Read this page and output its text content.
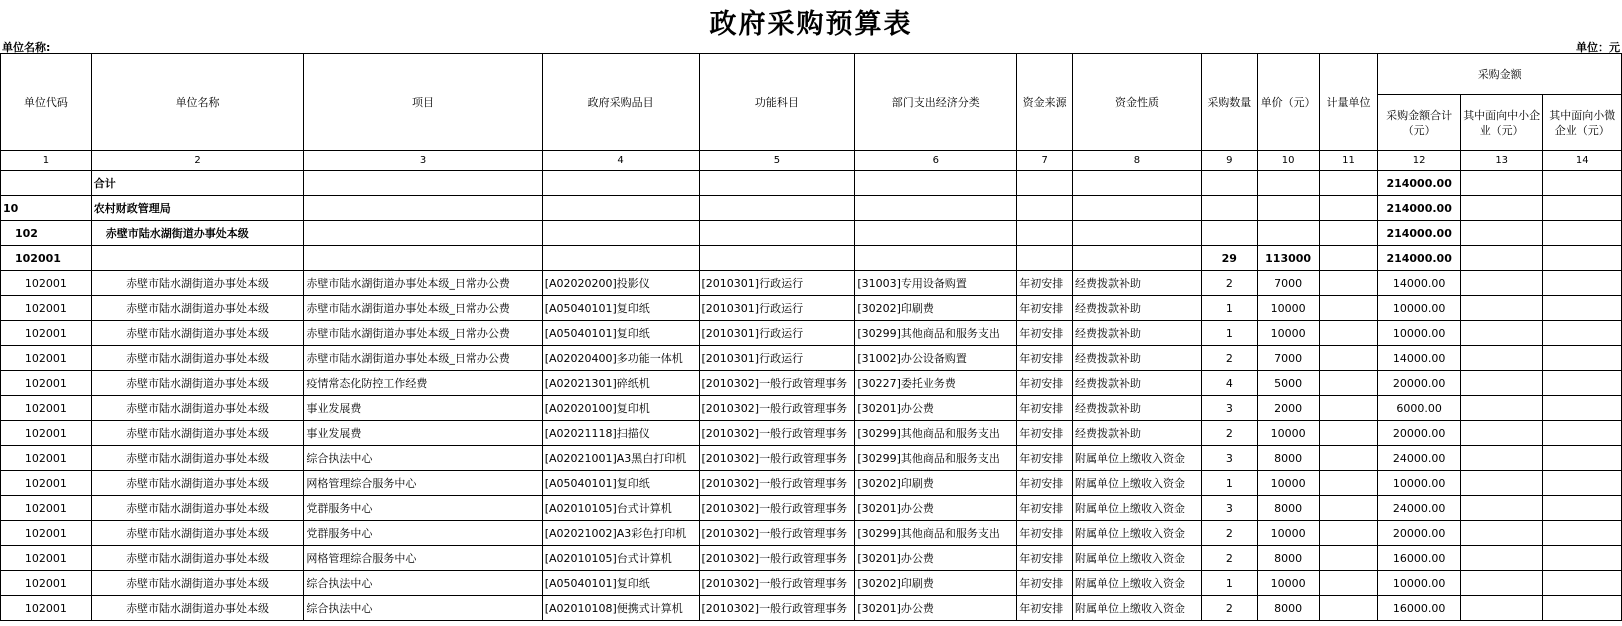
政府采购预算表
单位名称:	单位：元
单位代码	单位名称	项目	政府采购品目	功能科目	部门支出经济分类	资金来源	资金性质	采购数量	单价（元）	计量单位	采购金额		
											采购金额合计（元）	其中面向中小企业（元）	其中面向小微企业（元）
1	2	3	4	5	6	7	8	9	10	11	12	13	14
	合计										214000.00		
10	农村财政管理局										214000.00		
102	赤壁市陆水湖街道办事处本级										214000.00		
102001								29	113000		214000.00		
102001	赤壁市陆水湖街道办事处本级	赤壁市陆水湖街道办事处本级_日常办公费	[A02020200]投影仪	[2010301]行政运行	[31003]专用设备购置	年初安排	经费拨款补助	2	7000		14000.00		
102001	赤壁市陆水湖街道办事处本级	赤壁市陆水湖街道办事处本级_日常办公费	[A05040101]复印纸	[2010301]行政运行	[30202]印刷费	年初安排	经费拨款补助	1	10000		10000.00		
102001	赤壁市陆水湖街道办事处本级	赤壁市陆水湖街道办事处本级_日常办公费	[A05040101]复印纸	[2010301]行政运行	[30299]其他商品和服务支出	年初安排	经费拨款补助	1	10000		10000.00		
102001	赤壁市陆水湖街道办事处本级	赤壁市陆水湖街道办事处本级_日常办公费	[A02020400]多功能一体机	[2010301]行政运行	[31002]办公设备购置	年初安排	经费拨款补助	2	7000		14000.00		
102001	赤壁市陆水湖街道办事处本级	疫情常态化防控工作经费	[A02021301]碎纸机	[2010302]一般行政管理事务	[30227]委托业务费	年初安排	经费拨款补助	4	5000		20000.00		
102001	赤壁市陆水湖街道办事处本级	事业发展费	[A02020100]复印机	[2010302]一般行政管理事务	[30201]办公费	年初安排	经费拨款补助	3	2000		6000.00		
102001	赤壁市陆水湖街道办事处本级	事业发展费	[A02021118]扫描仪	[2010302]一般行政管理事务	[30299]其他商品和服务支出	年初安排	经费拨款补助	2	10000		20000.00		
102001	赤壁市陆水湖街道办事处本级	综合执法中心	[A02021001]A3黑白打印机	[2010302]一般行政管理事务	[30299]其他商品和服务支出	年初安排	附属单位上缴收入资金	3	8000		24000.00		
102001	赤壁市陆水湖街道办事处本级	网格管理综合服务中心	[A05040101]复印纸	[2010302]一般行政管理事务	[30202]印刷费	年初安排	附属单位上缴收入资金	1	10000		10000.00		
102001	赤壁市陆水湖街道办事处本级	党群服务中心	[A02010105]台式计算机	[2010302]一般行政管理事务	[30201]办公费	年初安排	附属单位上缴收入资金	3	8000		24000.00		
102001	赤壁市陆水湖街道办事处本级	党群服务中心	[A02021002]A3彩色打印机	[2010302]一般行政管理事务	[30299]其他商品和服务支出	年初安排	附属单位上缴收入资金	2	10000		20000.00		
102001	赤壁市陆水湖街道办事处本级	网格管理综合服务中心	[A02010105]台式计算机	[2010302]一般行政管理事务	[30201]办公费	年初安排	附属单位上缴收入资金	2	8000		16000.00		
102001	赤壁市陆水湖街道办事处本级	综合执法中心	[A05040101]复印纸	[2010302]一般行政管理事务	[30202]印刷费	年初安排	附属单位上缴收入资金	1	10000		10000.00		
102001	赤壁市陆水湖街道办事处本级	综合执法中心	[A02010108]便携式计算机	[2010302]一般行政管理事务	[30201]办公费	年初安排	附属单位上缴收入资金	2	8000		16000.00		
